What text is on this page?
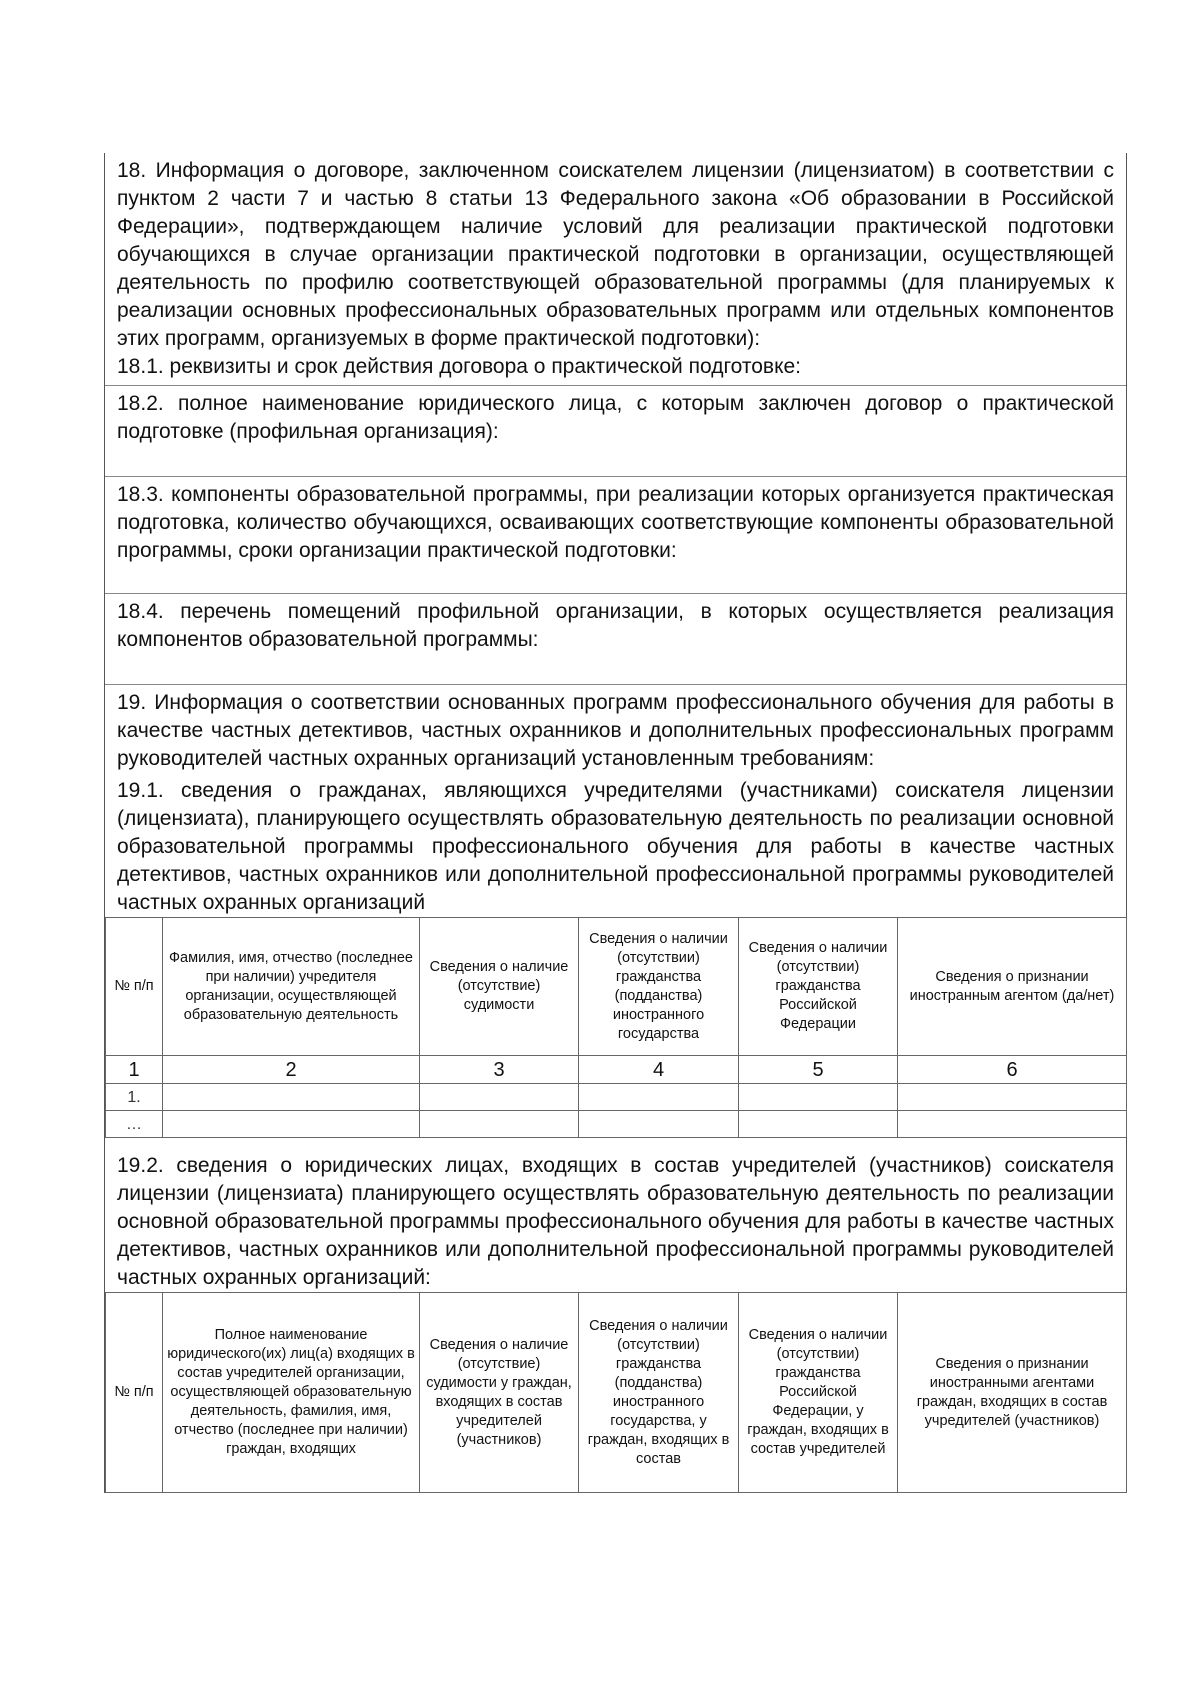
18. Информация о договоре, заключенном соискателем лицензии (лицензиатом) в соответствии с пунктом 2 части 7 и частью 8 статьи 13 Федерального закона «Об образовании в Российской Федерации», подтверждающем наличие условий для реализации практической подготовки обучающихся в случае организации практической подготовки в организации, осуществляющей деятельность по профилю соответствующей образовательной программы (для планируемых к реализации основных профессиональных образовательных программ или отдельных компонентов этих программ, организуемых в форме практической подготовки):

18.1. реквизиты и срок действия договора о практической подготовке:

18.2. полное наименование юридического лица, с которым заключен договор о практической подготовке (профильная организация):

18.3. компоненты образовательной программы, при реализации которых организуется практическая подготовка, количество обучающихся, осваивающих соответствующие компоненты образовательной программы, сроки организации практической подготовки:

18.4. перечень помещений профильной организации, в которых осуществляется реализация компонентов образовательной программы:

19. Информация о соответствии основанных программ профессионального обучения для работы в качестве частных детективов, частных охранников и дополнительных профессиональных программ руководителей частных охранных организаций установленным требованиям:

19.1. сведения о гражданах, являющихся учредителями (участниками) соискателя лицензии (лицензиата), планирующего осуществлять образовательную деятельность по реализации основной образовательной программы профессионального обучения для работы в качестве частных детективов, частных охранников или дополнительной профессиональной программы руководителей частных охранных организаций

№ п/п	Фамилия, имя, отчество (последнее при наличии) учредителя организации, осуществляющей образовательную деятельность	Сведения о наличие (отсутствие) судимости	Сведения о наличии (отсутствии) гражданства (подданства) иностранного государства	Сведения о наличии (отсутствии) гражданства Российской Федерации	Сведения о признании иностранным агентом (да/нет)
1	2	3	4	5	6
1.					
…					

19.2. сведения о юридических лицах, входящих в состав учредителей (участников) соискателя лицензии (лицензиата) планирующего осуществлять образовательную деятельность по реализации основной образовательной программы профессионального обучения для работы в качестве частных детективов, частных охранников или дополнительной профессиональной программы руководителей частных охранных организаций:

№ п/п	Полное наименование юридического(их) лиц(а) входящих в состав учредителей организации, осуществляющей образовательную деятельность, фамилия, имя, отчество (последнее при наличии) граждан, входящих	Сведения о наличие (отсутствие) судимости у граждан, входящих в состав учредителей (участников)	Сведения о наличии (отсутствии) гражданства (подданства) иностранного государства, у граждан, входящих в состав	Сведения о наличии (отсутствии) гражданства Российской Федерации, у граждан, входящих в состав учредителей	Сведения о признании иностранными агентами граждан, входящих в состав учредителей (участников)
